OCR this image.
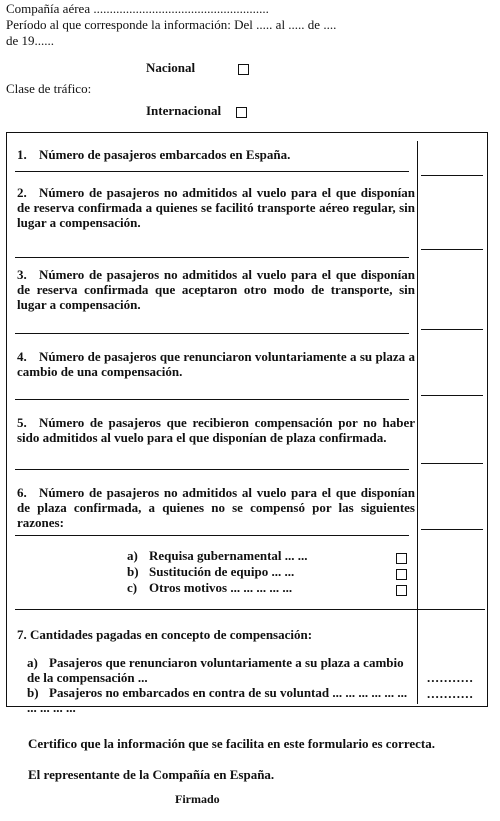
Compañía aérea ......................................................
Período al que corresponde la información: Del ..... al ..... de ....
de 19......
Nacional
Clase de tráfico:
Internacional
1. Número de pasajeros embarcados en España.
2. Número de pasajeros no admitidos al vuelo para el que disponían de reserva confirmada a quienes se facilitó transporte aéreo regular, sin lugar a compensación.
3. Número de pasajeros no admitidos al vuelo para el que disponían de reserva confirmada que aceptaron otro modo de transporte, sin lugar a compensación.
4. Número de pasajeros que renunciaron voluntariamente a su plaza a cambio de una compensación.
5. Número de pasajeros que recibieron compensación por no haber sido admitidos al vuelo para el que disponían de plaza confirmada.
6. Número de pasajeros no admitidos al vuelo para el que disponían de plaza confirmada, a quienes no se compensó por las siguientes razones:
a) Requisa gubernamental ... ...
b) Sustitución de equipo ... ...
c) Otros motivos ... ... ... ... ...
7. Cantidades pagadas en concepto de compensación:
a) Pasajeros que renunciaron voluntariamente a su plaza a cambio de la compensación ...	...........
b) Pasajeros no embarcados en contra de su voluntad ... ... ... ... ... ... ... ... ... ...
...........
Certifico que la información que se facilita en este formulario es correcta.
El representante de la Compañía en España.
Firmado
